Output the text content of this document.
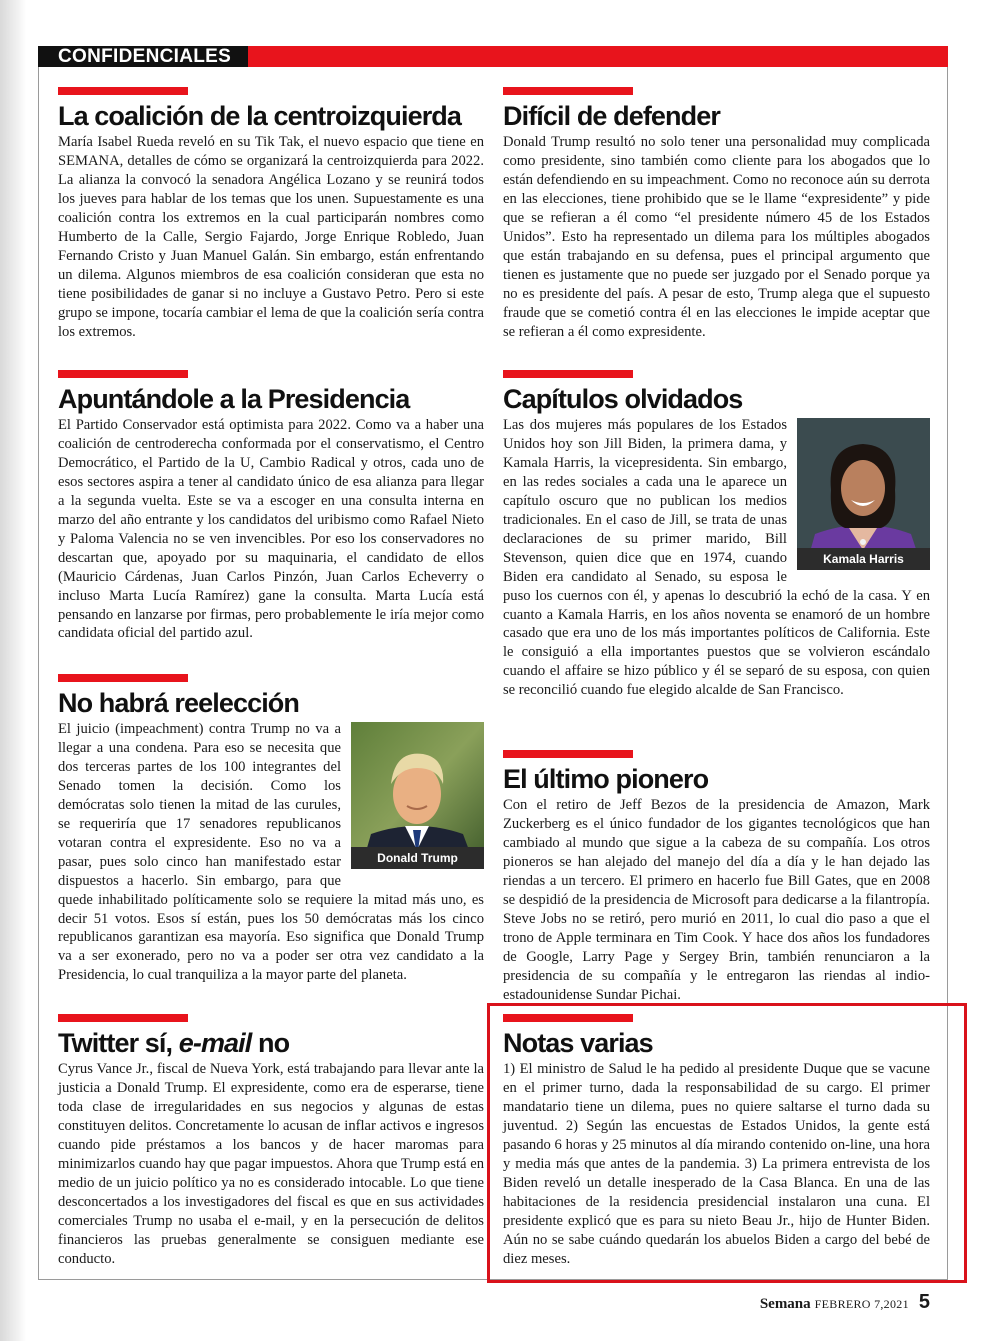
CONFIDENCIALES
La coalición de la centroizquierda

María Isabel Rueda reveló en su Tik Tak, el nuevo espacio que tiene en SEMANA, detalles de cómo se organizará la centroizquierda para 2022. La alianza la convocó la senadora Angélica Lozano y se reunirá todos los jueves para hablar de los temas que los unen. Supuestamente es una coalición contra los extremos en la cual participarán nombres como Humberto de la Calle, Sergio Fajardo, Jorge Enrique Robledo, Juan Fernando Cristo y Juan Manuel Galán. Sin embargo, están enfrentando un dilema. Algunos miembros de esa coalición consideran que esta no tiene posibilidades de ganar si no incluye a Gustavo Petro. Pero si este grupo se impone, tocaría cambiar el lema de que la coalición sería contra los extremos.

Apuntándole a la Presidencia

El Partido Conservador está optimista para 2022. Como va a haber una coalición de centroderecha conformada por el conservatismo, el Centro Democrático, el Partido de la U, Cambio Radical y otros, cada uno de esos sectores aspira a tener al candidato único de esa alianza para llegar a la segunda vuelta. Este se va a escoger en una consulta interna en marzo del año entrante y los candidatos del uribismo como Rafael Nieto y Paloma Valencia no se ven invencibles. Por eso los conservadores no descartan que, apoyado por su maquinaria, el candidato de ellos (Mauricio Cárdenas, Juan Carlos Pinzón, Juan Carlos Echeverry o incluso Marta Lucía Ramírez) gane la consulta. Marta Lucía está pensando en lanzarse por firmas, pero probablemente le iría mejor como candidata oficial del partido azul.

No habrá reelección
Donald Trump

El juicio (impeachment) contra Trump no va a llegar a una condena. Para eso se necesita que dos terceras partes de los 100 integrantes del Senado tomen la decisión. Como los demócratas solo tienen la mitad de las curules, se requeriría que 17 senadores republicanos votaran contra el expresidente. Eso no va a pasar, pues solo cinco han manifestado estar dispuestos a hacerlo. Sin embargo, para que quede inhabilitado políticamente solo se requiere la mitad más uno, es decir 51 votos. Esos sí están, pues los 50 demócratas más los cinco republicanos garantizan esa mayoría. Eso significa que Donald Trump va a ser exonerado, pero no va a poder ser otra vez candidato a la Presidencia, lo cual tranquiliza a la mayor parte del planeta.

Twitter sí, e-mail no

Cyrus Vance Jr., fiscal de Nueva York, está trabajando para llevar ante la justicia a Donald Trump. El expresidente, como era de esperarse, tiene toda clase de irregularidades en sus negocios y algunas de estas constituyen delitos. Concretamente lo acusan de inflar activos e ingresos cuando pide préstamos a los bancos y de hacer maromas para minimizarlos cuando hay que pagar impuestos. Ahora que Trump está en medio de un juicio político ya no es considerado intocable. Lo que tiene desconcertados a los investigadores del fiscal es que en sus actividades comerciales Trump no usaba el e-mail, y en la persecución de delitos financieros las pruebas generalmente se consiguen mediante ese conducto.

Difícil de defender

Donald Trump resultó no solo tener una personalidad muy complicada como presidente, sino también como cliente para los abogados que lo están defendiendo en su impeachment. Como no reconoce aún su derrota en las elecciones, tiene prohibido que se le llame “expresidente” y pide que se refieran a él como “el presidente número 45 de los Estados Unidos”. Esto ha representado un dilema para los múltiples abogados que están trabajando en su defensa, pues el principal argumento que tienen es justamente que no puede ser juzgado por el Senado porque ya no es presidente del país. A pesar de esto, Trump alega que el supuesto fraude que se cometió contra él en las elecciones le impide aceptar que se refieran a él como expresidente.

Capítulos olvidados
Kamala Harris

Las dos mujeres más populares de los Estados Unidos hoy son Jill Biden, la primera dama, y Kamala Harris, la vicepresidenta. Sin embargo, en las redes sociales a cada una le aparece un capítulo oscuro que no publican los medios tradicionales. En el caso de Jill, se trata de unas declaraciones de su primer marido, Bill Stevenson, quien dice que en 1974, cuando Biden era candidato al Senado, su esposa le puso los cuernos con él, y apenas lo descubrió la echó de la casa. Y en cuanto a Kamala Harris, en los años noventa se enamoró de un hombre casado que era uno de los más importantes políticos de California. Este le consiguió a ella importantes puestos que se volvieron escándalo cuando el affaire se hizo público y él se separó de su esposa, con quien se reconcilió cuando fue elegido alcalde de San Francisco.

El último pionero

Con el retiro de Jeff Bezos de la presidencia de Amazon, Mark Zuckerberg es el único fundador de los gigantes tecnológicos que han cambiado al mundo que sigue a la cabeza de su compañía. Los otros pioneros se han alejado del manejo del día a día y le han dejado las riendas a un tercero. El primero en hacerlo fue Bill Gates, que en 2008 se despidió de la presidencia de Microsoft para dedicarse a la filantropía. Steve Jobs no se retiró, pero murió en 2011, lo cual dio paso a que el trono de Apple terminara en Tim Cook. Y hace dos años los fundadores de Google, Larry Page y Sergey Brin, también renunciaron a la presidencia de su compañía y le entregaron las riendas al indio-estadounidense Sundar Pichai.

Notas varias

1) El ministro de Salud le ha pedido al presidente Duque que se vacune en el primer turno, dada la responsabilidad de su cargo. El primer mandatario tiene un dilema, pues no quiere saltarse el turno dada su juventud. 2) Según las encuestas de Estados Unidos, la gente está pasando 6 horas y 25 minutos al día mirando contenido on-line, una hora y media más que antes de la pandemia. 3) La primera entrevista de los Biden reveló un detalle inesperado de la Casa Blanca. En una de las habitaciones de la residencia presidencial instalaron una cuna. El presidente explicó que es para su nieto Beau Jr., hijo de Hunter Biden. Aún no se sabe cuándo quedarán los abuelos Biden a cargo del bebé de diez meses.

Semana FEBRERO 7,2021 5
